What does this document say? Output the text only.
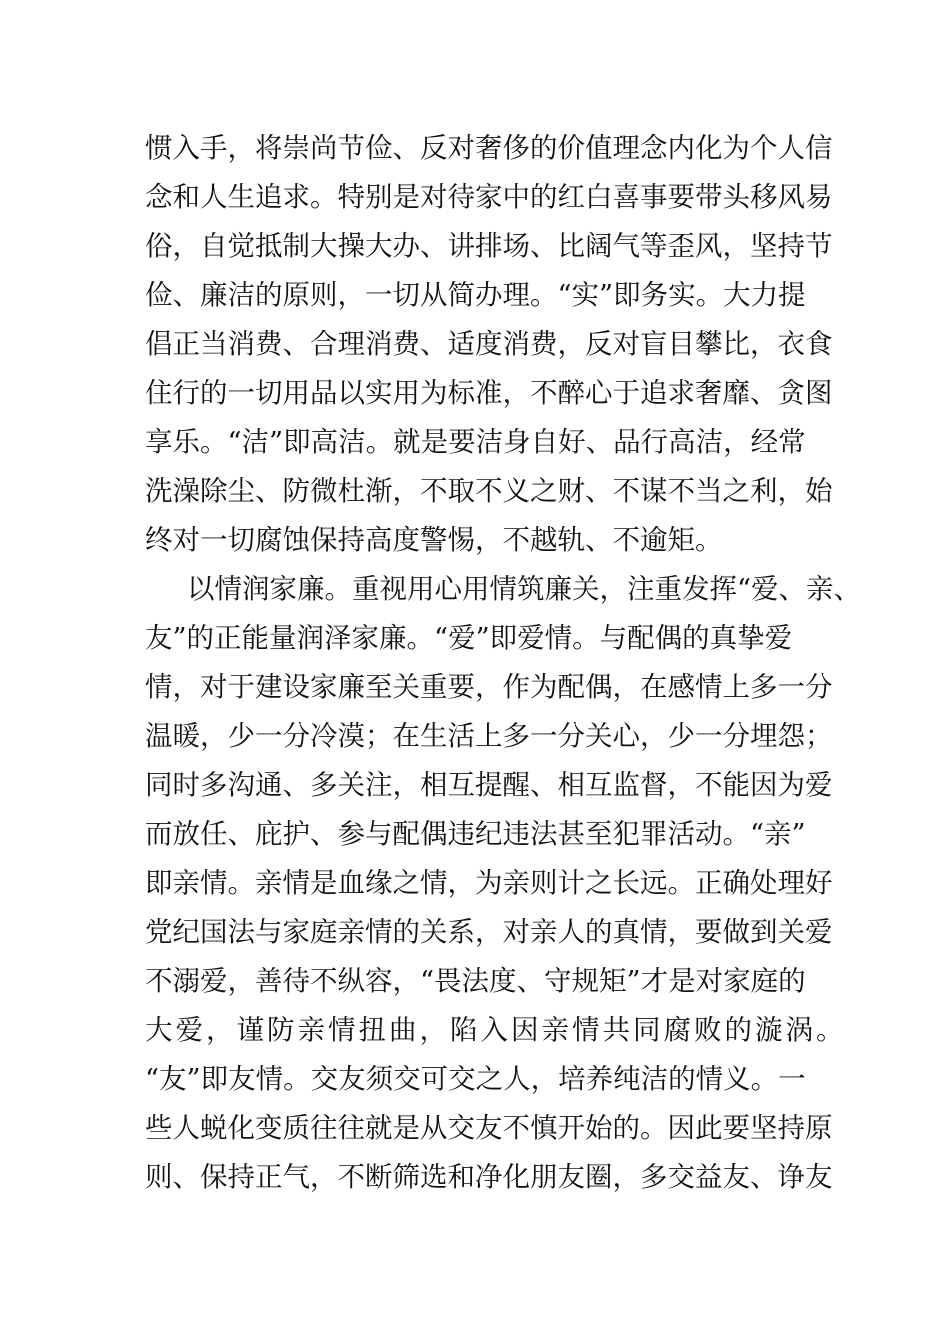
惯入手，将崇尚节俭、反对奢侈的价值理念内化为个人信
念和人生追求。特别是对待家中的红白喜事要带头移风易
俗，自觉抵制大操大办、讲排场、比阔气等歪风，坚持节
俭、廉洁的原则，一切从简办理。“实”即务实。大力提
倡正当消费、合理消费、适度消费，反对盲目攀比，衣食
住行的一切用品以实用为标准，不醉心于追求奢靡、贪图
享乐。“洁”即高洁。就是要洁身自好、品行高洁，经常
洗澡除尘、防微杜渐，不取不义之财、不谋不当之利，始
终对一切腐蚀保持高度警惕，不越轨、不逾矩。
以情润家廉。重视用心用情筑廉关，注重发挥“爱、亲、
友”的正能量润泽家廉。“爱”即爱情。与配偶的真挚爱
情，对于建设家廉至关重要，作为配偶，在感情上多一分
温暖，少一分冷漠；在生活上多一分关心，少一分埋怨；
同时多沟通、多关注，相互提醒、相互监督，不能因为爱
而放任、庇护、参与配偶违纪违法甚至犯罪活动。“亲”
即亲情。亲情是血缘之情，为亲则计之长远。正确处理好
党纪国法与家庭亲情的关系，对亲人的真情，要做到关爱
不溺爱，善待不纵容，“畏法度、守规矩”才是对家庭的
大爱，谨防亲情扭曲，陷入因亲情共同腐败的漩涡。
“友”即友情。交友须交可交之人，培养纯洁的情义。一
些人蜕化变质往往就是从交友不慎开始的。因此要坚持原
则、保持正气，不断筛选和净化朋友圈，多交益友、诤友
